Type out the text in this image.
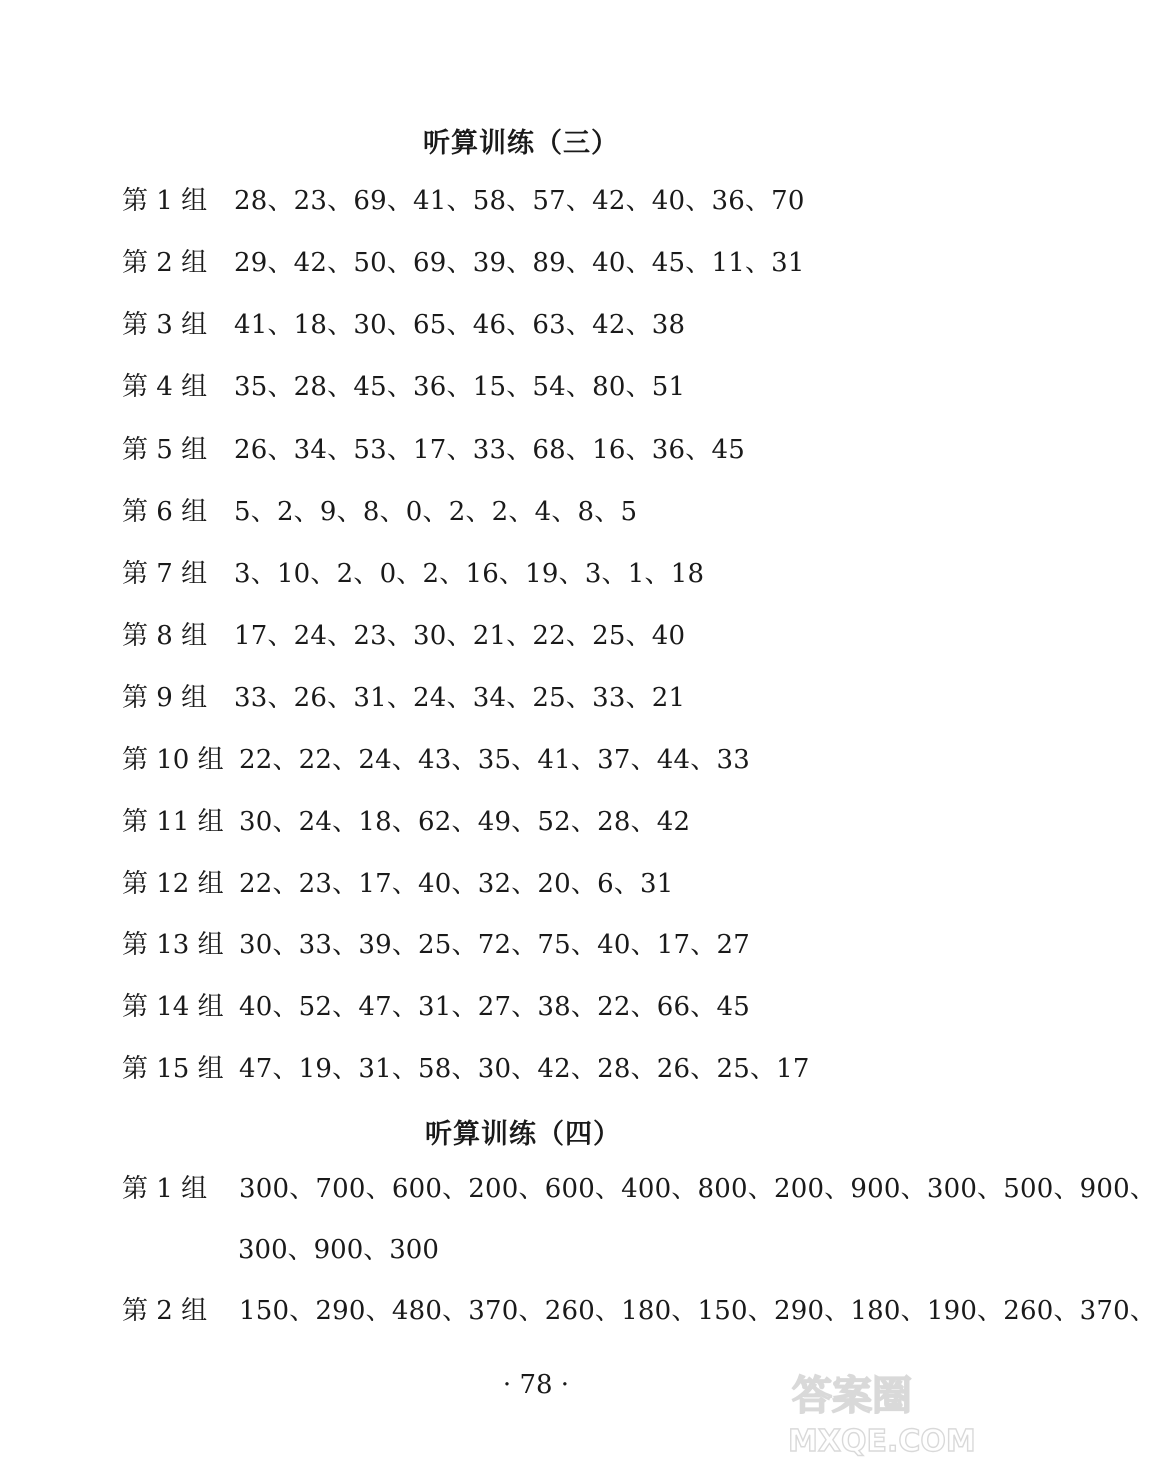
听算训练（三）
第 1 组 28、23、69、41、58、57、42、40、36、70
第 2 组 29、42、50、69、39、89、40、45、11、31
第 3 组 41、18、30、65、46、63、42、38
第 4 组 35、28、45、36、15、54、80、51
第 5 组 26、34、53、17、33、68、16、36、45
第 6 组 5、2、9、8、0、2、2、4、8、5
第 7 组 3、10、2、0、2、16、19、3、1、18
第 8 组 17、24、23、30、21、22、25、40
第 9 组 33、26、31、24、34、25、33、21
第 10 组 22、22、24、43、35、41、37、44、33
第 11 组 30、24、18、62、49、52、28、42
第 12 组 22、23、17、40、32、20、6、31
第 13 组 30、33、39、25、72、75、40、17、27
第 14 组 40、52、47、31、27、38、22、66、45
第 15 组 47、19、31、58、30、42、28、26、25、17
听算训练（四）
第 1 组 300、700、600、200、600、400、800、200、900、300、500、900、
300、900、300
第 2 组 150、290、480、370、260、180、150、290、180、190、260、370、
· 78 ·	答案圈
MXQE.COM
